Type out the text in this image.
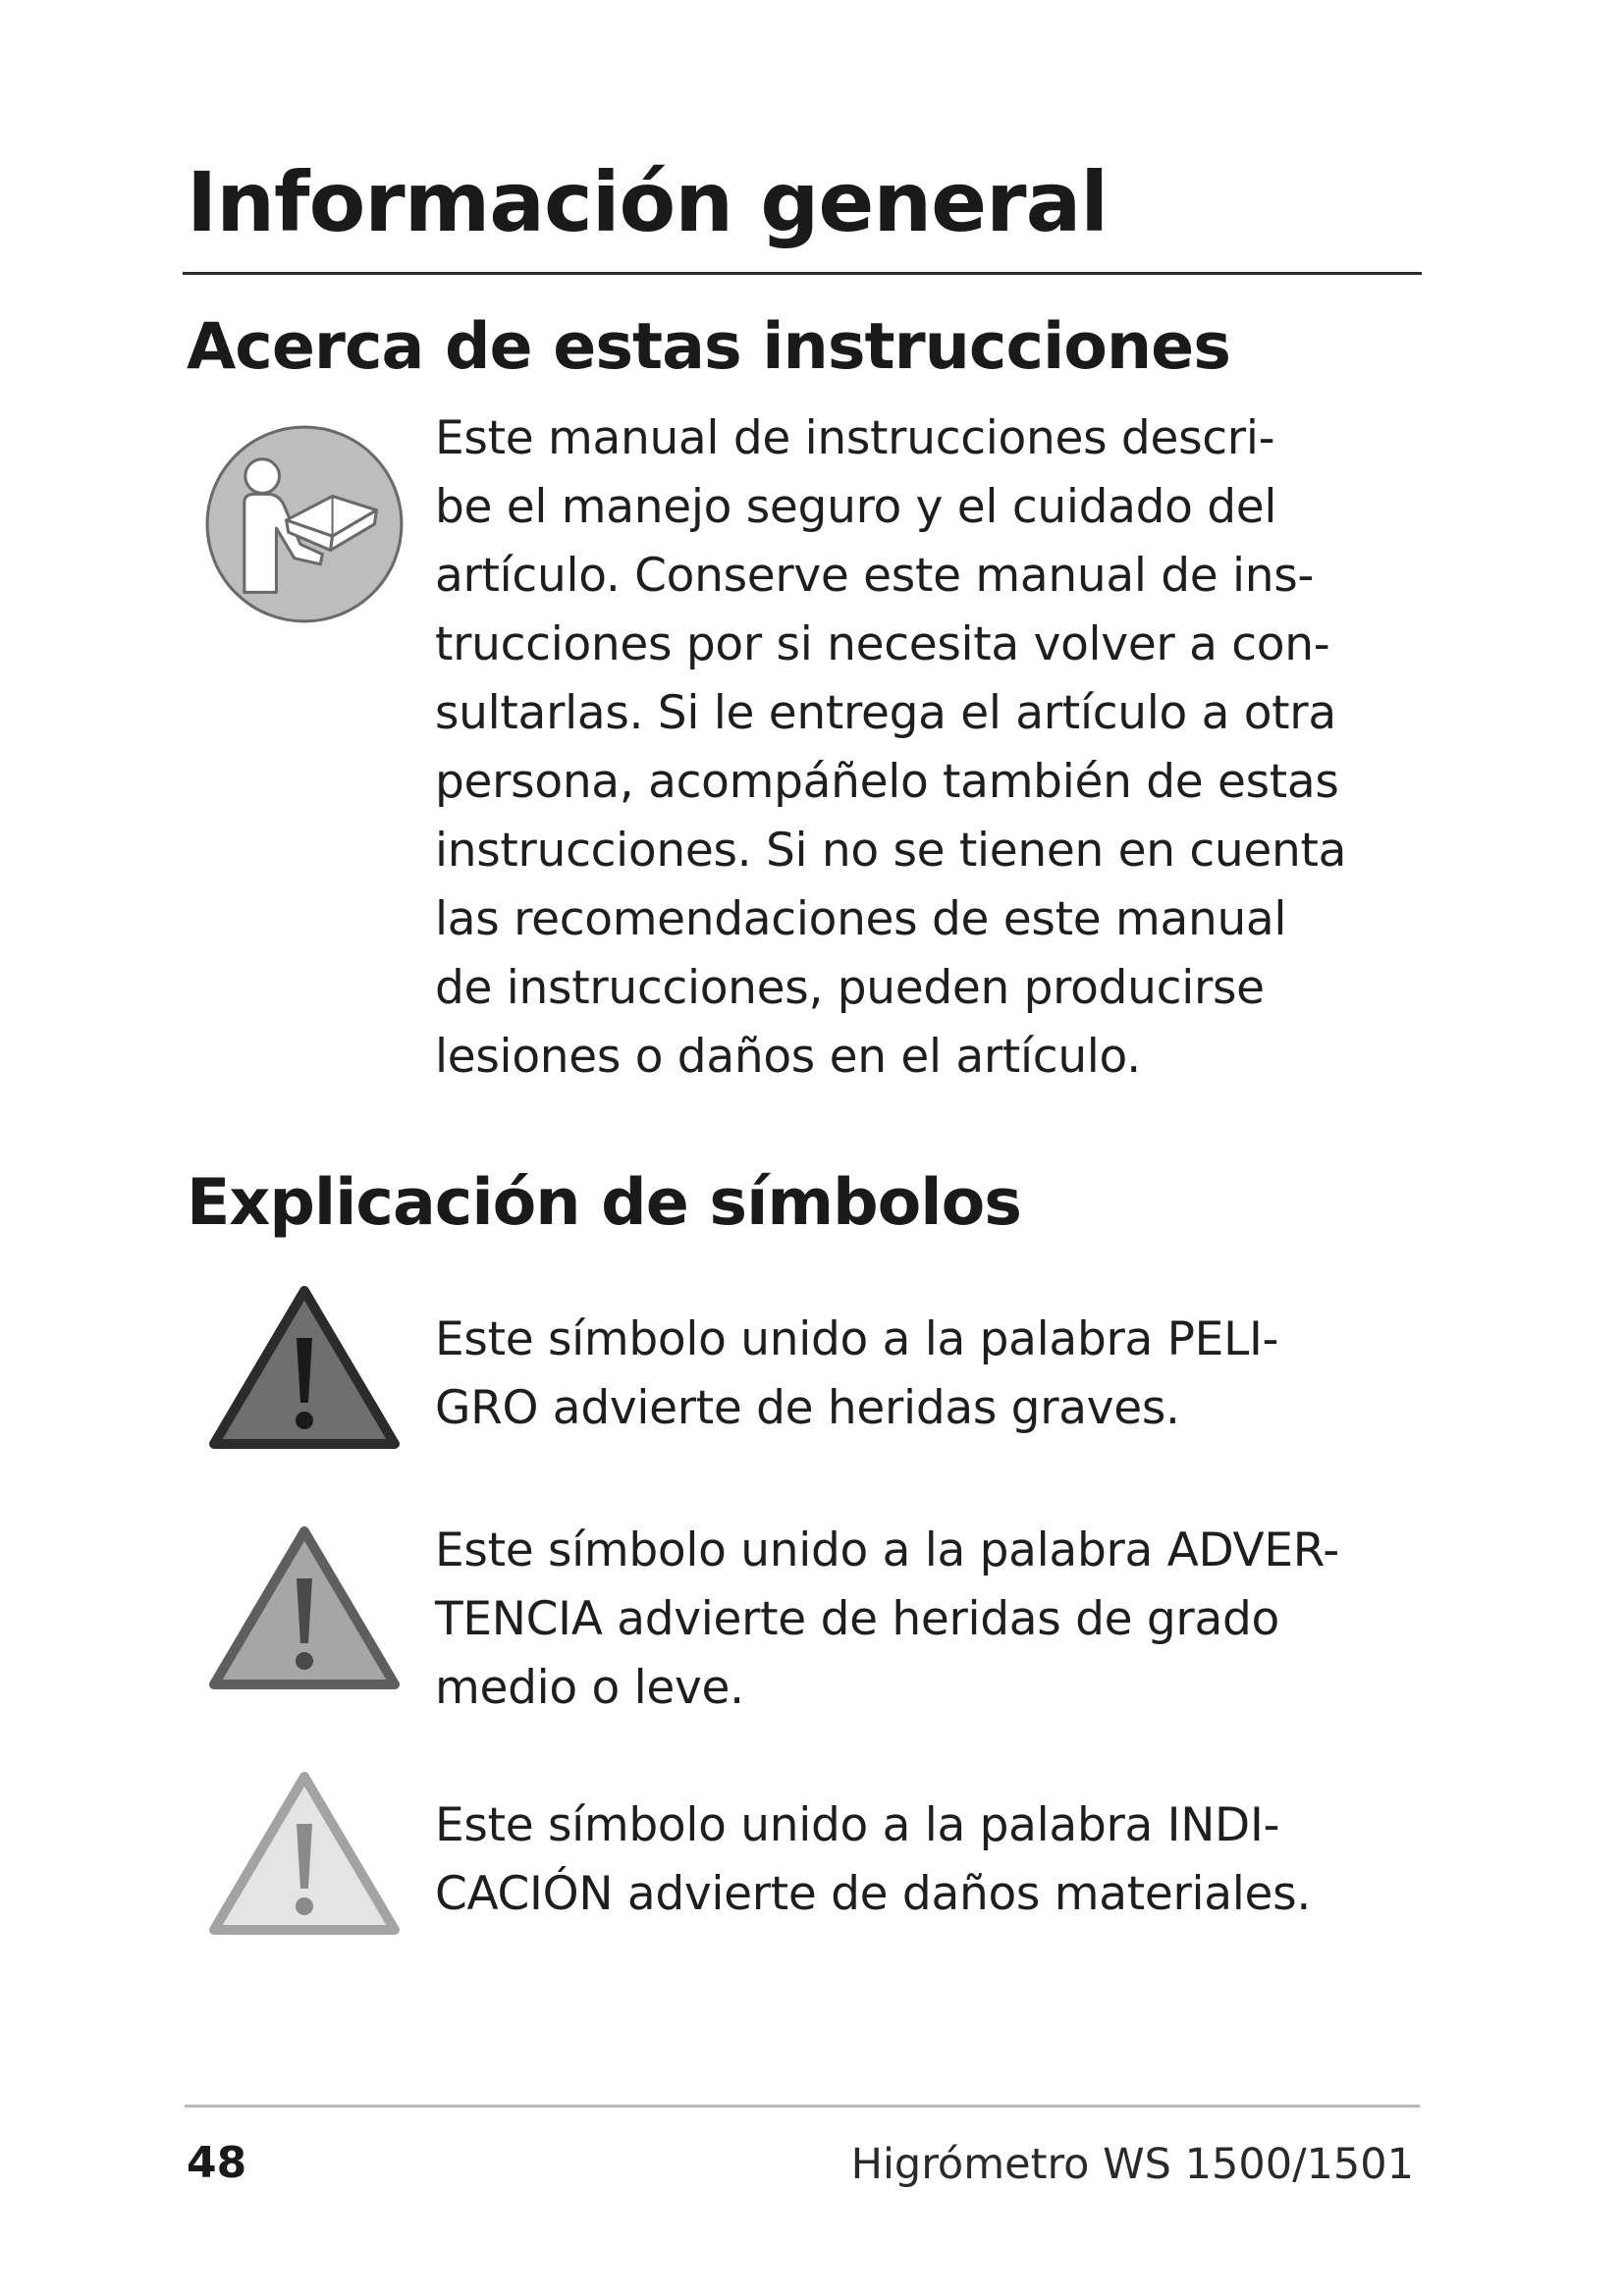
Información general
Acerca de estas instrucciones

Este manual de instrucciones descri-
be el manejo seguro y el cuidado del
artículo. Conserve este manual de ins-
trucciones por si necesita volver a con-
sultarlas. Si le entrega el artículo a otra
persona, acompáñelo también de estas
instrucciones. Si no se tienen en cuenta
las recomendaciones de este manual
de instrucciones, pueden producirse
lesiones o daños en el artículo.

Explicación de símbolos

Este símbolo unido a la palabra PELI-
GRO advierte de heridas graves.

Este símbolo unido a la palabra ADVER-
TENCIA advierte de heridas de grado
medio o leve.

Este símbolo unido a la palabra INDI-
CACIÓN advierte de daños materiales.

48	Higrómetro WS 1500/1501
